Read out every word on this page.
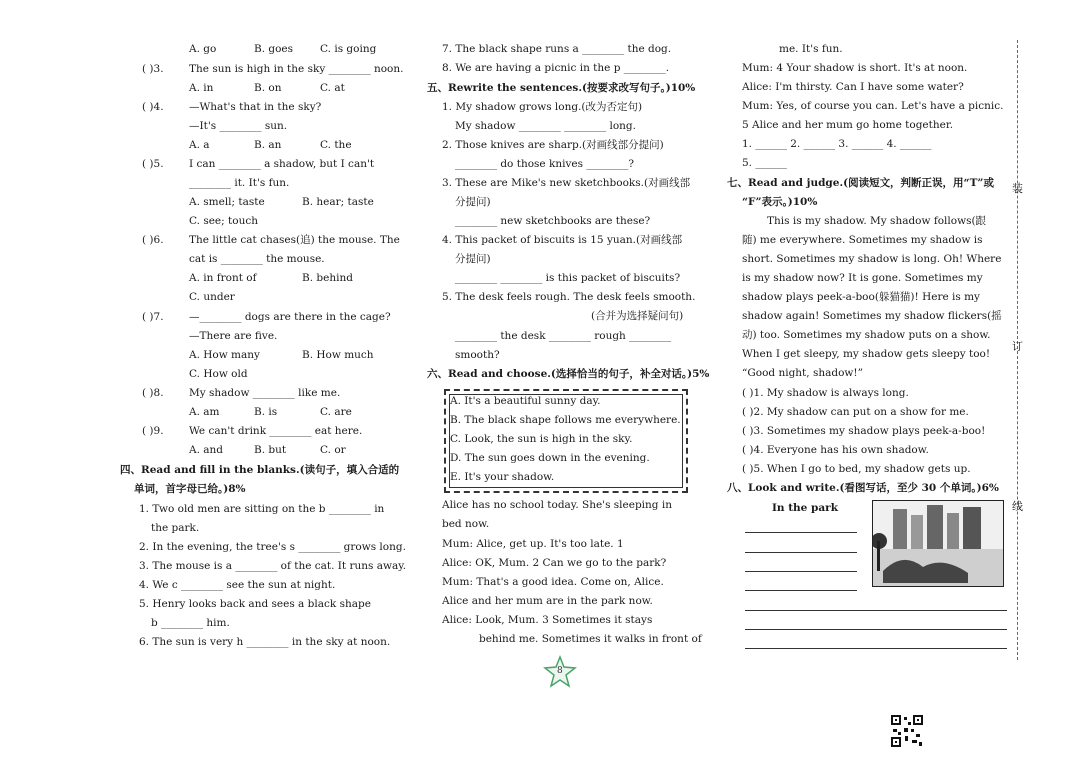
A. go	B. goes	C. is going
( )3. The sun is high in the sky ________ noon.
A. in	B. on	C. at
( )4. —What's that in the sky?
—It's ________ sun.
A. a	B. an	C. the
( )5. I can ________ a shadow, but I can't
________ it. It's fun.
A. smell; taste	B. hear; taste
C. see; touch
( )6. The little cat chases(追) the mouse. The
cat is ________ the mouse.
A. in front of	B. behind
C. under
( )7. —________ dogs are there in the cage?
—There are five.
A. How many	B. How much
C. How old
( )8. My shadow ________ like me.
A. am	B. is	C. are
( )9. We can't drink ________ eat here.
A. and	B. but	C. or
四、Read and fill in the blanks.(读句子，填入合适的
单词，首字母已给。)8%
1. Two old men are sitting on the b ________ in
the park.
2. In the evening, the tree's s ________ grows long.
3. The mouse is a ________ of the cat. It runs away.
4. We c ________ see the sun at night.
5. Henry looks back and sees a black shape
b ________ him.
6. The sun is very h ________ in the sky at noon.
7. The black shape runs a ________ the dog.
8. We are having a picnic in the p ________.
五、Rewrite the sentences.(按要求改写句子。)10%
1. My shadow grows long.(改为否定句)
My shadow ________ ________ long.
2. Those knives are sharp.(对画线部分提问)
________ do those knives ________?
3. These are Mike's new sketchbooks.(对画线部
分提问)
________ new sketchbooks are these?
4. This packet of biscuits is 15 yuan.(对画线部
分提问)
________ ________ is this packet of biscuits?
5. The desk feels rough. The desk feels smooth.
(合并为选择疑问句)
________ the desk ________ rough ________
smooth?
六、Read and choose.(选择恰当的句子，补全对话。)5%
A. It's a beautiful sunny day.
B. The black shape follows me everywhere.
C. Look, the sun is high in the sky.
D. The sun goes down in the evening.
E. It's your shadow.
Alice has no school today. She's sleeping in
bed now.
Mum: Alice, get up. It's too late. 1
Alice: OK, Mum. 2 Can we go to the park?
Mum: That's a good idea. Come on, Alice.
Alice and her mum are in the park now.
Alice: Look, Mum. 3 Sometimes it stays
behind me. Sometimes it walks in front of
me. It's fun.
Mum: 4 Your shadow is short. It's at noon.
Alice: I'm thirsty. Can I have some water?
Mum: Yes, of course you can. Let's have a picnic.
5 Alice and her mum go home together.
1. ______ 2. ______ 3. ______ 4. ______
5. ______
七、Read and judge.(阅读短文，判断正误，用“T”或
“F”表示。)10%
This is my shadow. My shadow follows(跟
随) me everywhere. Sometimes my shadow is
short. Sometimes my shadow is long. Oh! Where
is my shadow now? It is gone. Sometimes my
shadow plays peek-a-boo(躲猫猫)! Here is my
shadow again! Sometimes my shadow flickers(摇
动) too. Sometimes my shadow puts on a show.
When I get sleepy, my shadow gets sleepy too!
“Good night, shadow!”
( )1. My shadow is always long.
( )2. My shadow can put on a show for me.
( )3. Sometimes my shadow plays peek-a-boo!
( )4. Everyone has his own shadow.
( )5. When I go to bed, my shadow gets up.
八、Look and write.(看图写话，至少 30 个单词。)6%
In the park
装
订
线
8
